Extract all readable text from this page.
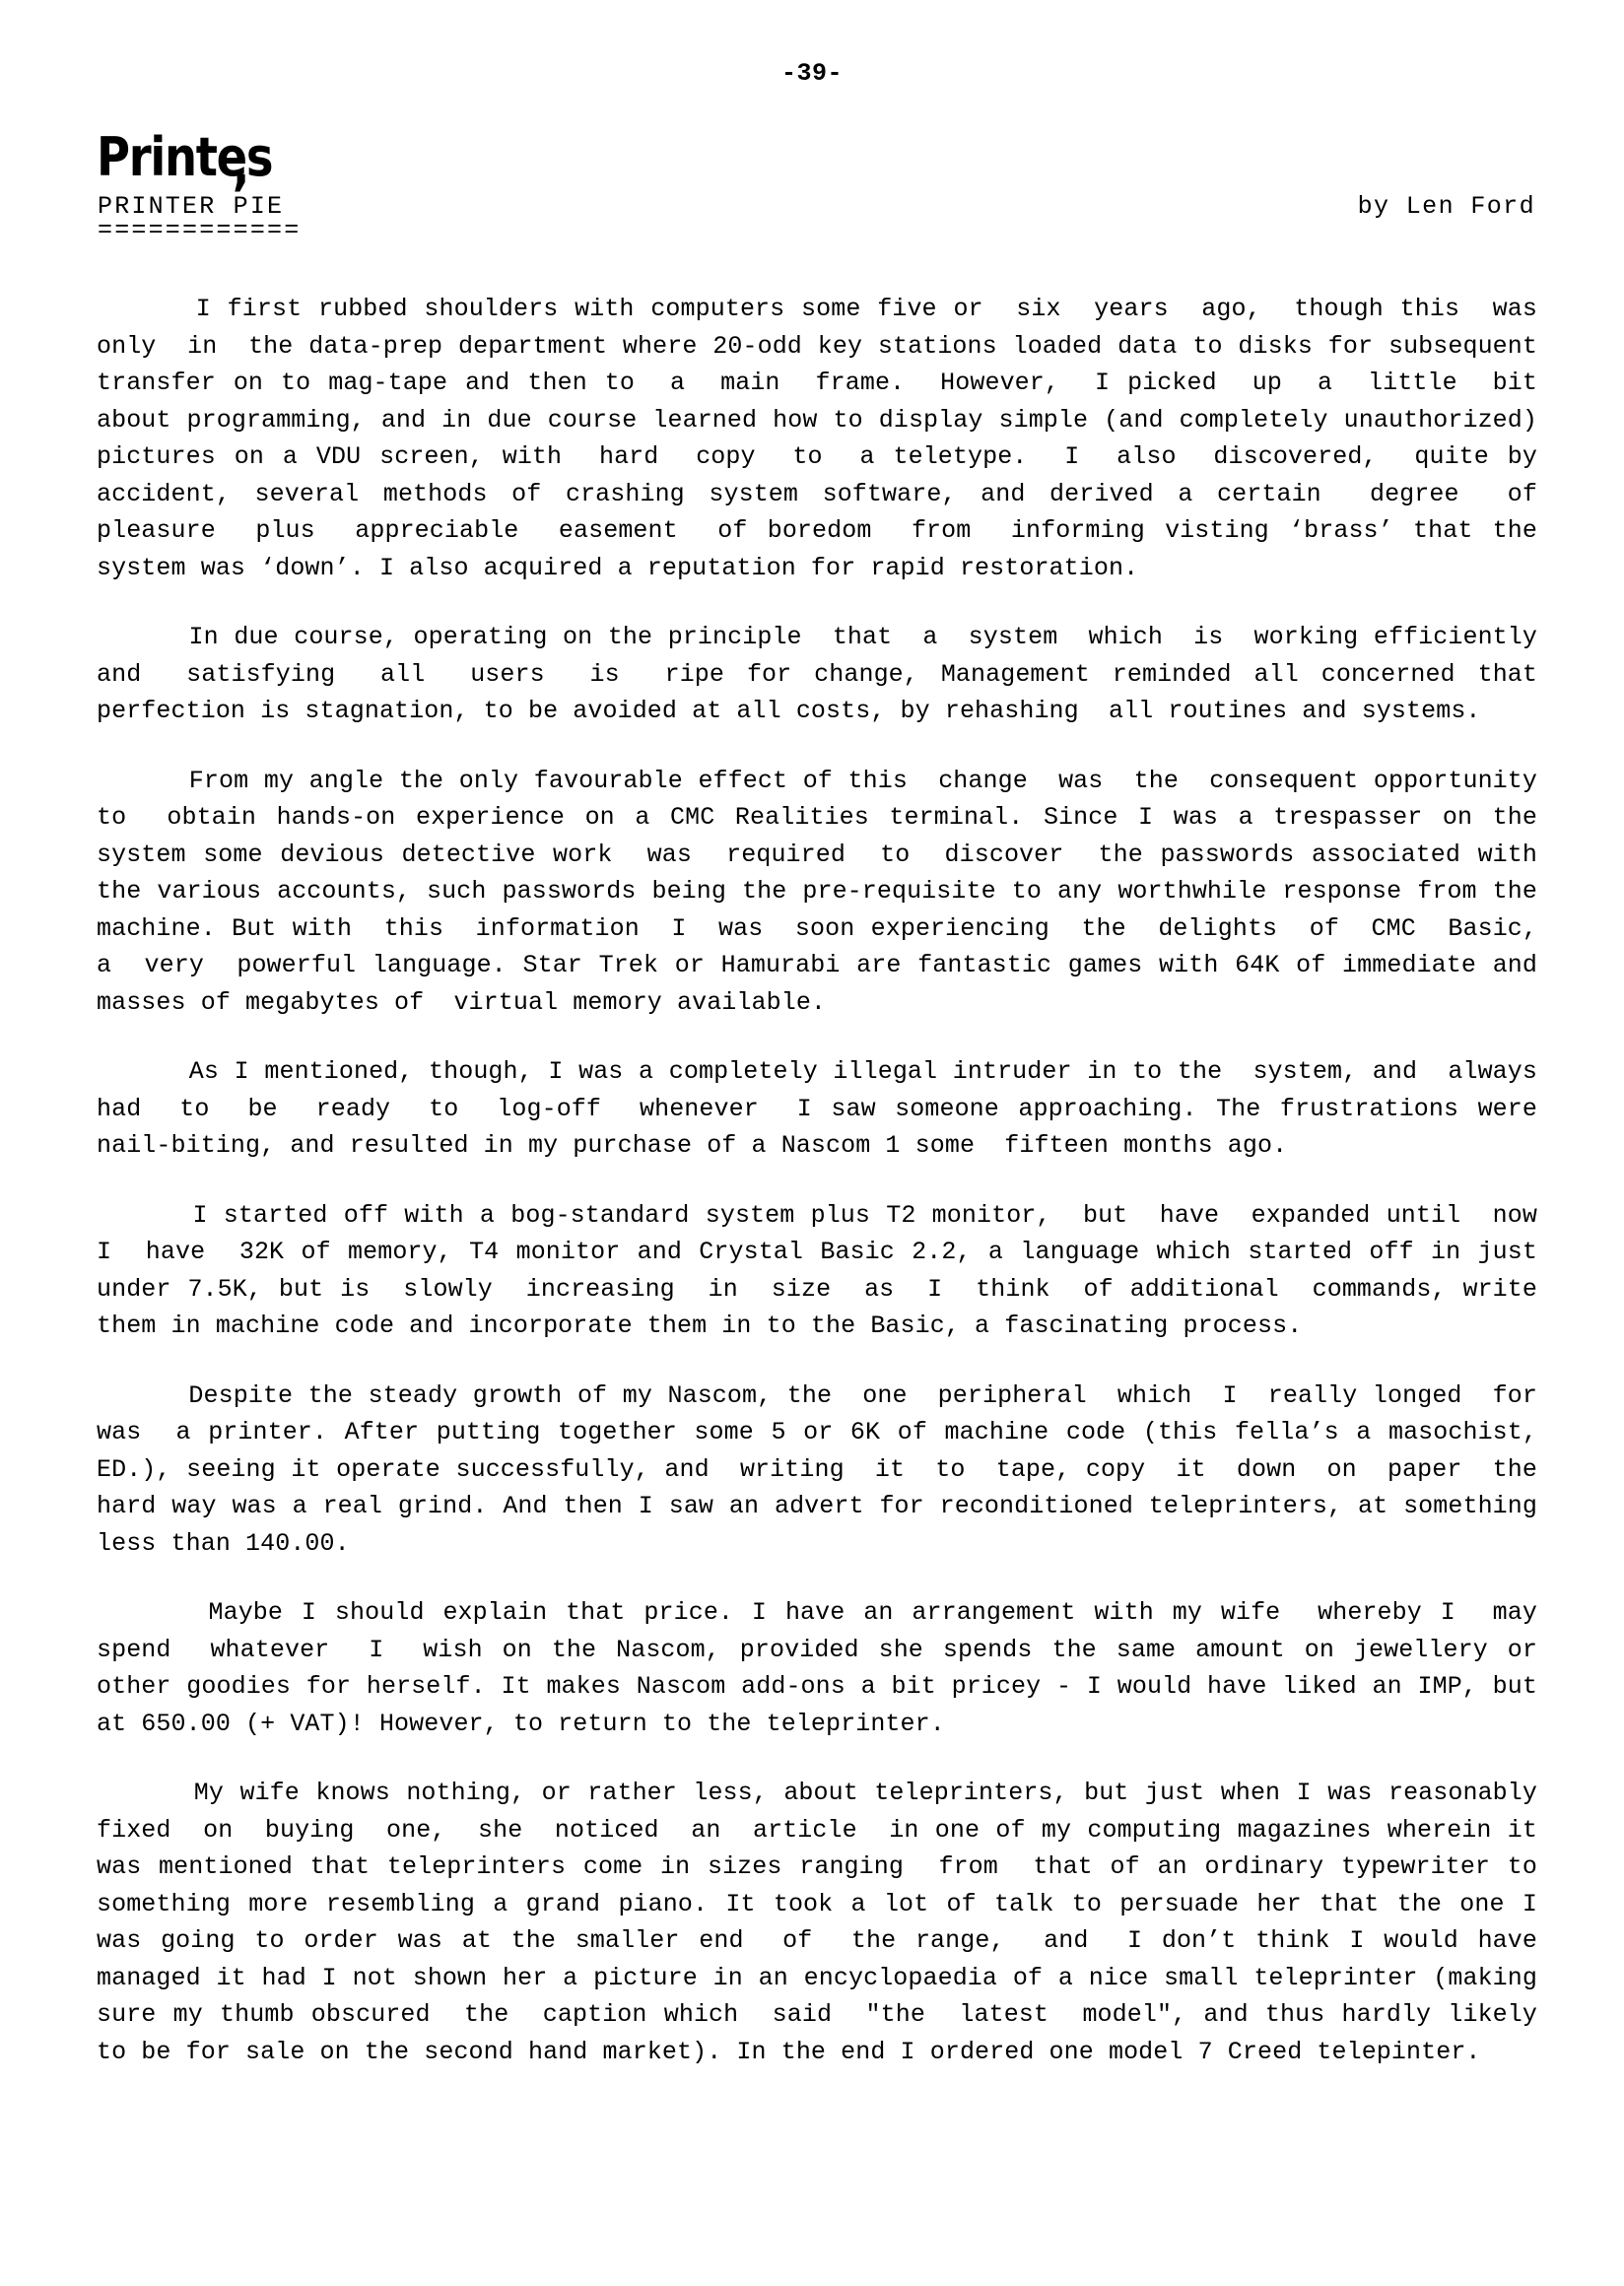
-39-
Printes
PRINTER PIE
============
by Len Ford

I first rubbed shoulders with computers some five or  six  years  ago,  though this  was  only  in  the data-prep department where 20-odd key stations loaded data to disks for subsequent transfer on to mag-tape and then to  a  main  frame.  However,  I picked  up  a  little  bit about programming, and in due course learned how to display simple (and completely unauthorized) pictures on a VDU screen, with  hard  copy  to  a teletype.  I  also  discovered,  quite by accident, several methods of crashing system software, and derived a certain  degree  of  pleasure  plus  appreciable  easement  of boredom  from  informing visting ‘brass’ that the system was ‘down’. I also acquired a reputation for rapid restoration.

In due course, operating on the principle  that  a  system  which  is  working efficiently  and  satisfying  all  users  is  ripe for change, Management reminded all concerned that perfection is stagnation, to be avoided at all costs, by rehashing  all routines and systems.

From my angle the only favourable effect of this  change  was  the  consequent opportunity  to  obtain hands-on experience on a CMC Realities terminal. Since I was a trespasser on the system some devious detective work  was  required  to  discover  the passwords associated with the various accounts, such passwords being the pre-requisite to any worthwhile response from the machine. But with  this  information  I  was  soon experiencing  the  delights  of  CMC  Basic,  a  very  powerful language. Star Trek or Hamurabi are fantastic games with 64K of immediate and masses of megabytes of  virtual memory available.

As I mentioned, though, I was a completely illegal intruder in to the  system, and  always  had  to  be  ready  to  log-off  whenever  I saw someone approaching. The frustrations were nail-biting, and resulted in my purchase of a Nascom 1 some  fifteen months ago.

I started off with a bog-standard system plus T2 monitor,  but  have  expanded until  now  I  have  32K of memory, T4 monitor and Crystal Basic 2.2, a language which started off in just under 7.5K, but is  slowly  increasing  in  size  as  I  think  of additional  commands, write them in machine code and incorporate them in to the Basic, a fascinating process.

Despite the steady growth of my Nascom, the  one  peripheral  which  I  really longed  for  was  a printer. After putting together some 5 or 6K of machine code (this fella’s a masochist, ED.), seeing it operate successfully, and  writing  it  to  tape, copy  it  down  on  paper  the hard way was a real grind. And then I saw an advert for reconditioned teleprinters, at something less than 140.00.

Maybe I should explain that price. I have an arrangement with my wife  whereby I  may  spend  whatever  I  wish on the Nascom, provided she spends the same amount on jewellery or other goodies for herself. It makes Nascom add-ons a bit pricey - I would have liked an IMP, but at 650.00 (+ VAT)! However, to return to the teleprinter.

My wife knows nothing, or rather less, about teleprinters, but just when I was reasonably  fixed  on  buying  one,  she  noticed  an  article  in one of my computing magazines wherein it was mentioned that teleprinters come in sizes ranging  from  that of an ordinary typewriter to something more resembling a grand piano. It took a lot of talk to persuade her that the one I was going to order was at the smaller end  of  the range,  and  I don’t think I would have managed it had I not shown her a picture in an encyclopaedia of a nice small teleprinter (making sure my thumb obscured  the  caption which  said  "the  latest  model", and thus hardly likely to be for sale on the second hand market). In the end I ordered one model 7 Creed telepinter.
